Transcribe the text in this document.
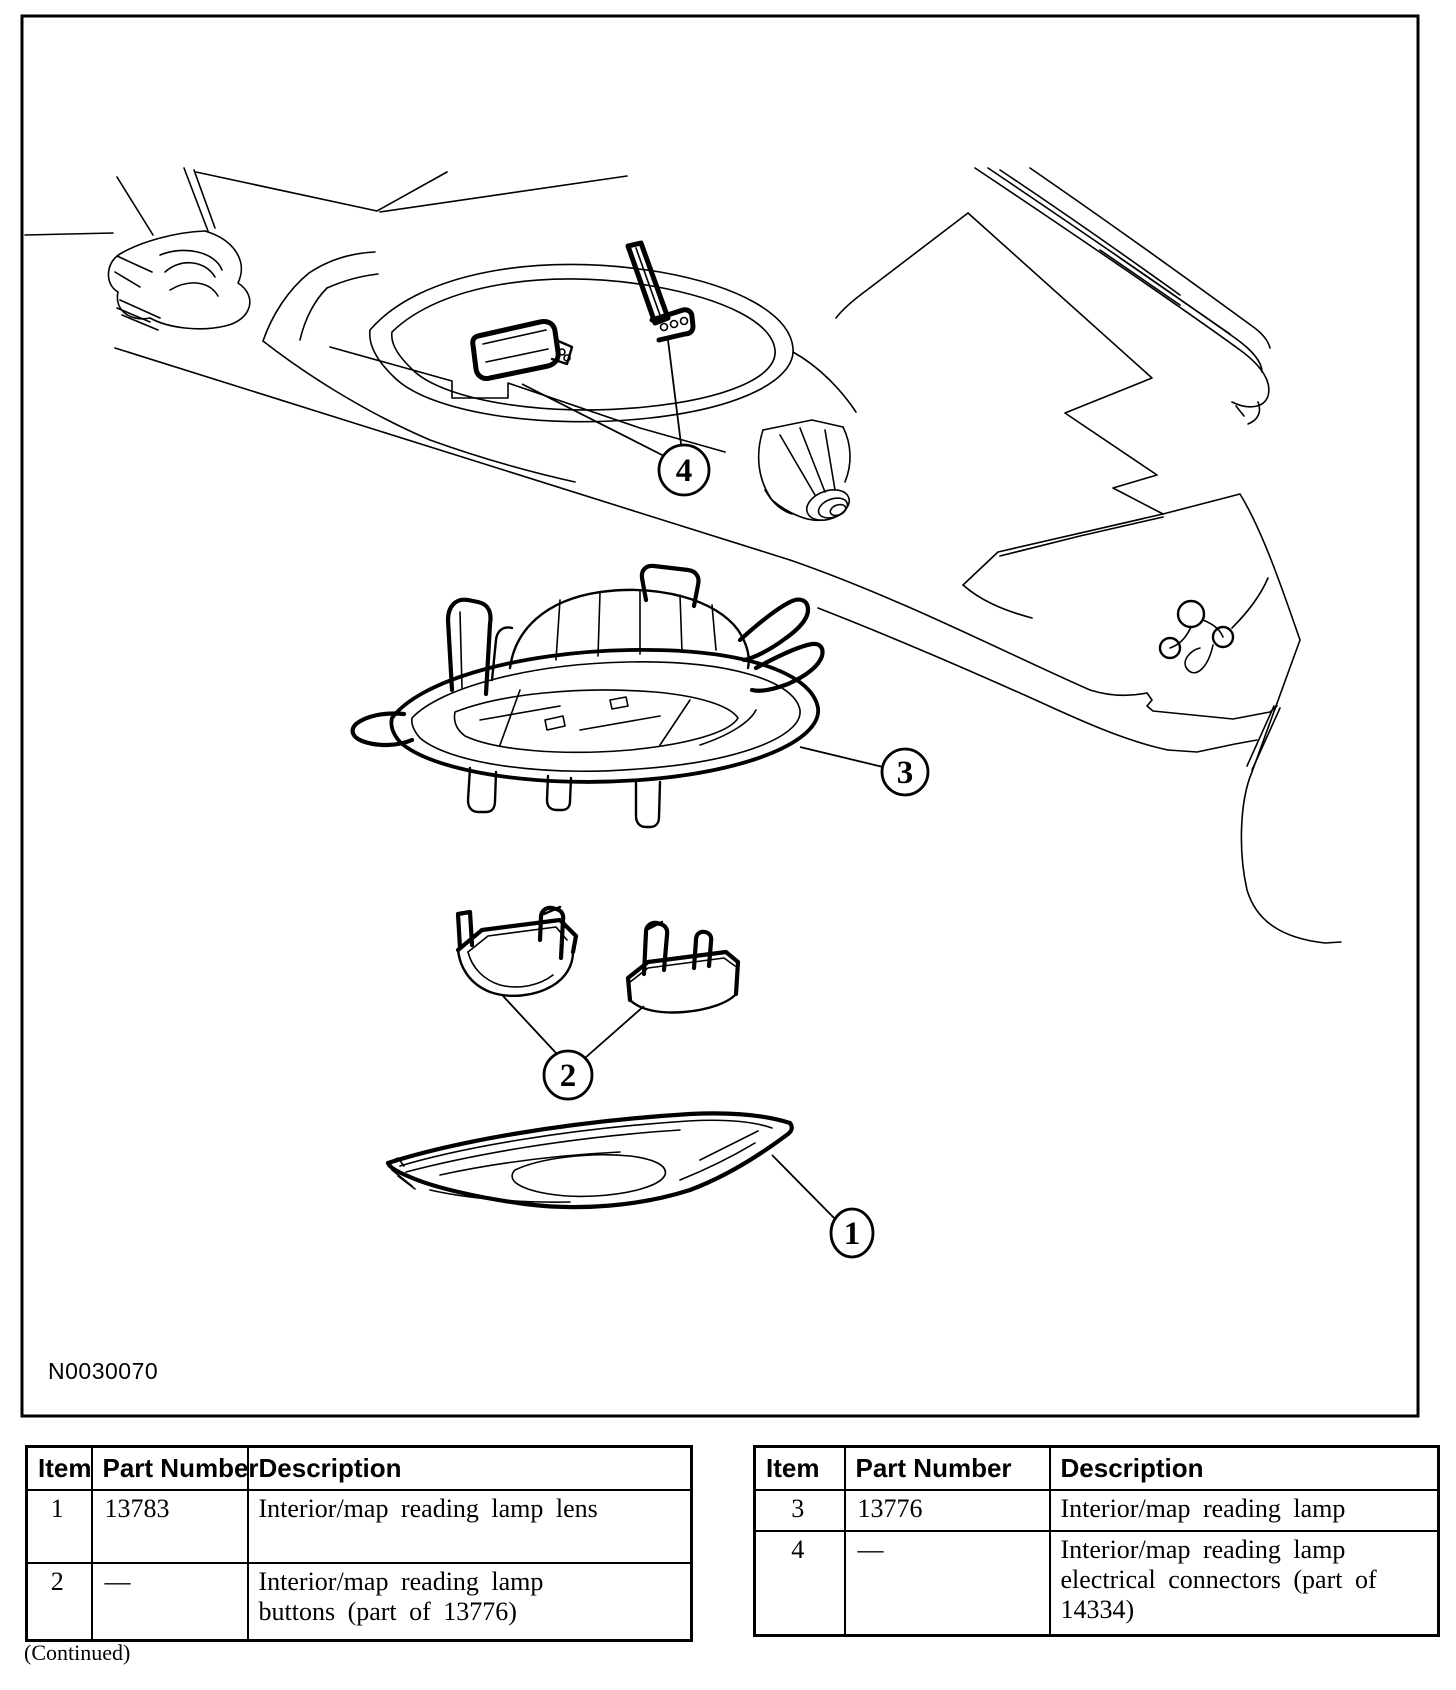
4
3
2
1
N0030070
Item	Part Number	Description
1	13783	Interior/map reading lamp lens

2	—	Interior/map reading lamp buttons (part of 13776)
Item	Part Number	Description
3	13776	Interior/map reading lamp

4	—	Interior/map reading lamp electrical connectors (part of 14334)
(Continued)
